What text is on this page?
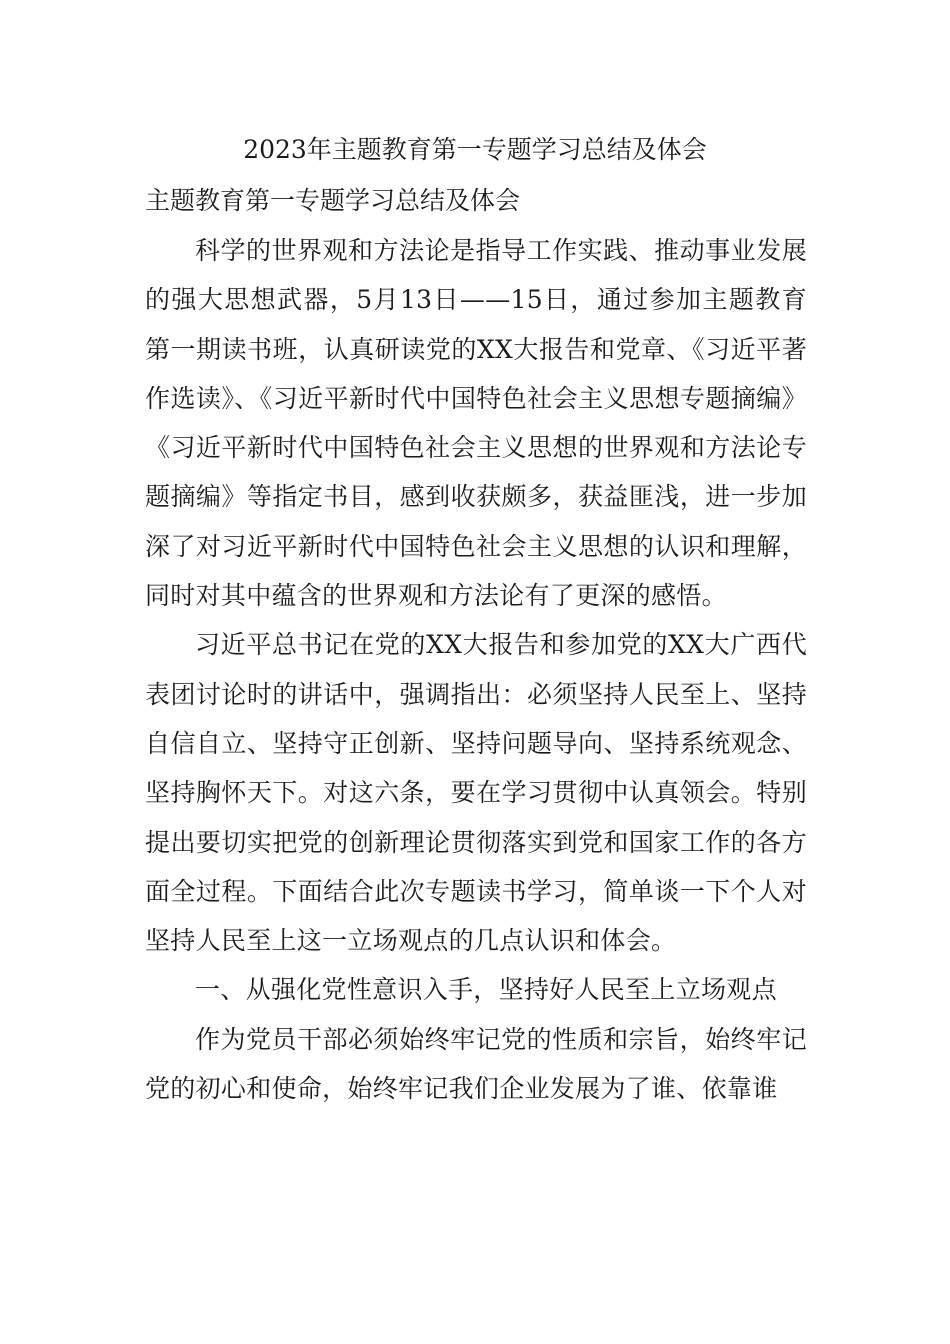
2023年主题教育第一专题学习总结及体会
主题教育第一专题学习总结及体会

科学的世界观和方法论是指导工作实践、推动事业发展的强大思想武器，5月13日——15日，通过参加主题教育第一期读书班，认真研读党的XX大报告和党章、《习近平著作选读》、《习近平新时代中国特色社会主义思想专题摘编》《习近平新时代中国特色社会主义思想的世界观和方法论专题摘编》等指定书目，感到收获颇多，获益匪浅，进一步加深了对习近平新时代中国特色社会主义思想的认识和理解，同时对其中蕴含的世界观和方法论有了更深的感悟。

习近平总书记在党的XX大报告和参加党的XX大广西代表团讨论时的讲话中，强调指出：必须坚持人民至上、坚持自信自立、坚持守正创新、坚持问题导向、坚持系统观念、坚持胸怀天下。对这六条，要在学习贯彻中认真领会。特别提出要切实把党的创新理论贯彻落实到党和国家工作的各方面全过程。下面结合此次专题读书学习，简单谈一下个人对坚持人民至上这一立场观点的几点认识和体会。

一、从强化党性意识入手，坚持好人民至上立场观点

作为党员干部必须始终牢记党的性质和宗旨，始终牢记党的初心和使命，始终牢记我们企业发展为了谁、依靠谁
